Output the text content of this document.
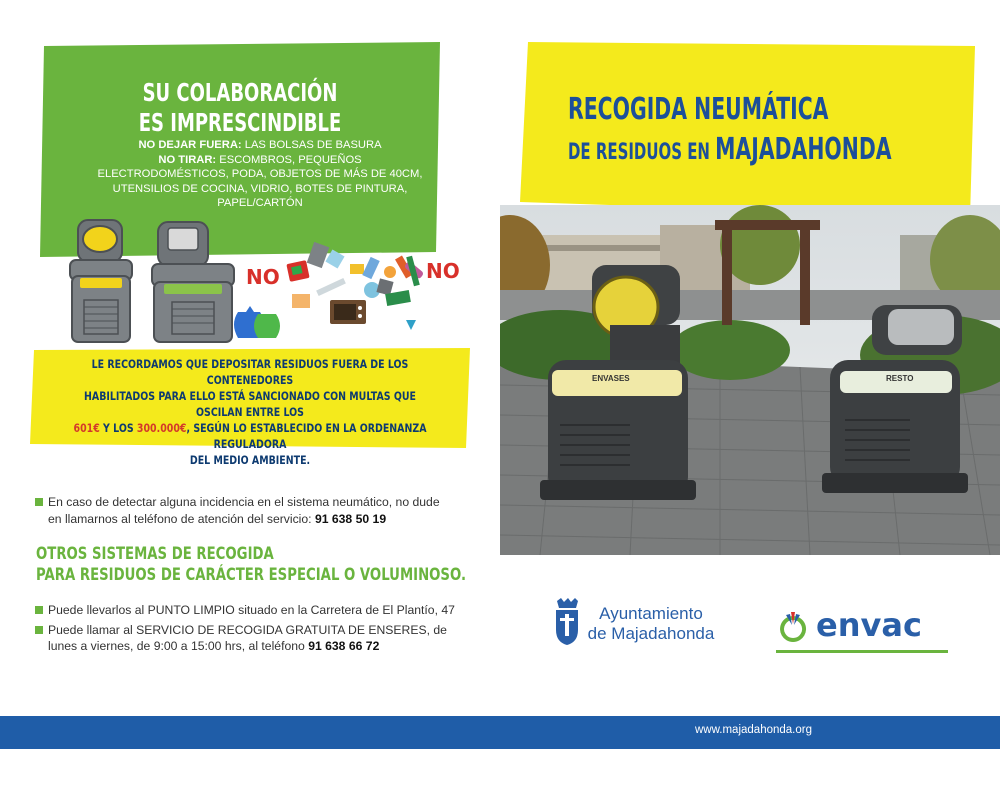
SU COLABORACIÓN
ES IMPRESCINDIBLE
NO DEJAR FUERA: LAS BOLSAS DE BASURA
NO TIRAR: ESCOMBROS, PEQUEÑOS ELECTRODOMÉSTICOS, PODA, OBJETOS DE MÁS DE 40CM, UTENSILIOS DE COCINA, VIDRIO, BOTES DE PINTURA, PAPEL/CARTÓN
NO	NO
LE RECORDAMOS QUE DEPOSITAR RESIDUOS FUERA DE LOS CONTENEDORES
HABILITADOS PARA ELLO ESTÁ SANCIONADO CON MULTAS QUE OSCILAN ENTRE LOS
601€ Y LOS 300.000€, SEGÚN LO ESTABLECIDO EN LA ORDENANZA REGULADORA
DEL MEDIO AMBIENTE.
RECOGIDA NEUMÁTICA
DE RESIDUOS EN MAJADAHONDA
ENVASES	RESTO
En caso de detectar alguna incidencia en el sistema neumático, no dude
en llamarnos al teléfono de atención del servicio: 91 638 50 19
OTROS SISTEMAS DE RECOGIDA
PARA RESIDUOS DE CARÁCTER ESPECIAL O VOLUMINOSO.
Puede llevarlos al PUNTO LIMPIO situado en la Carretera de El Plantío, 47
Puede llamar al SERVICIO DE RECOGIDA GRATUITA DE ENSERES, de
lunes a viernes, de 9:00 a 15:00 hrs, al teléfono 91 638 66 72
Ayuntamiento
de Majadahonda	envac
www.majadahonda.org
